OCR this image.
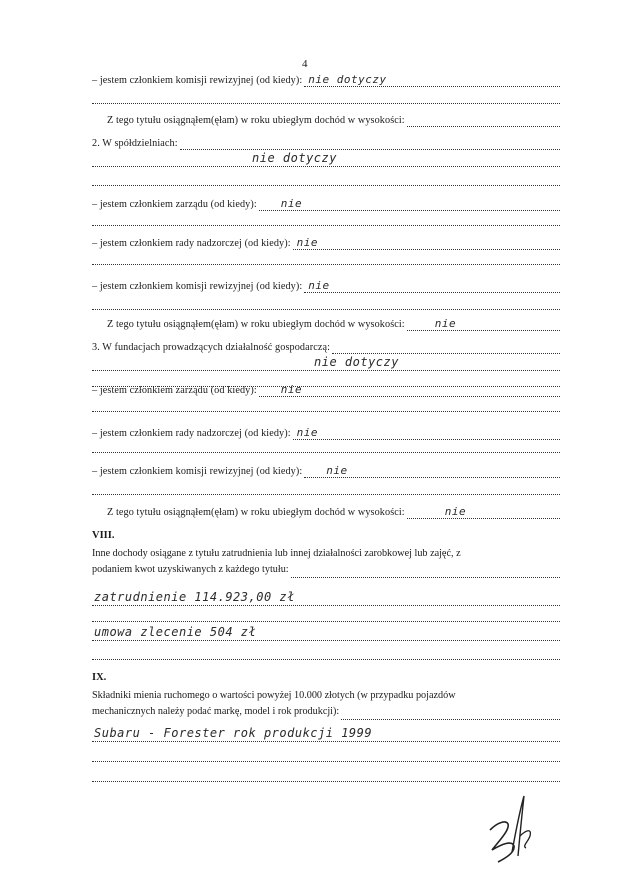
4
– jestem członkiem komisji rewizyjnej (od kiedy): nie dotyczy
Z tego tytułu osiągnąłem(ęłam) w roku ubiegłym dochód w wysokości:
2. W spółdzielniach:
nie dotyczy
– jestem członkiem zarządu (od kiedy): nie
– jestem członkiem rady nadzorczej (od kiedy): nie
– jestem członkiem komisji rewizyjnej (od kiedy): nie
Z tego tytułu osiągnąłem(ęłam) w roku ubiegłym dochód w wysokości:	nie
3. W fundacjach prowadzących działalność gospodarczą:
nie dotyczy
– jestem członkiem zarządu (od kiedy): nie
– jestem członkiem rady nadzorczej (od kiedy): nie
– jestem członkiem komisji rewizyjnej (od kiedy): nie
Z tego tytułu osiągnąłem(ęłam) w roku ubiegłym dochód w wysokości:	nie
VIII.
Inne dochody osiągane z tytułu zatrudnienia lub innej działalności zarobkowej lub zajęć, z
podaniem kwot uzyskiwanych z każdego tytułu:
zatrudnienie 114.923,00 zł
umowa zlecenie 504 zł
IX.
Składniki mienia ruchomego o wartości powyżej 10.000 złotych (w przypadku pojazdów
mechanicznych należy podać markę, model i rok produkcji):
Subaru - Forester rok produkcji 1999
